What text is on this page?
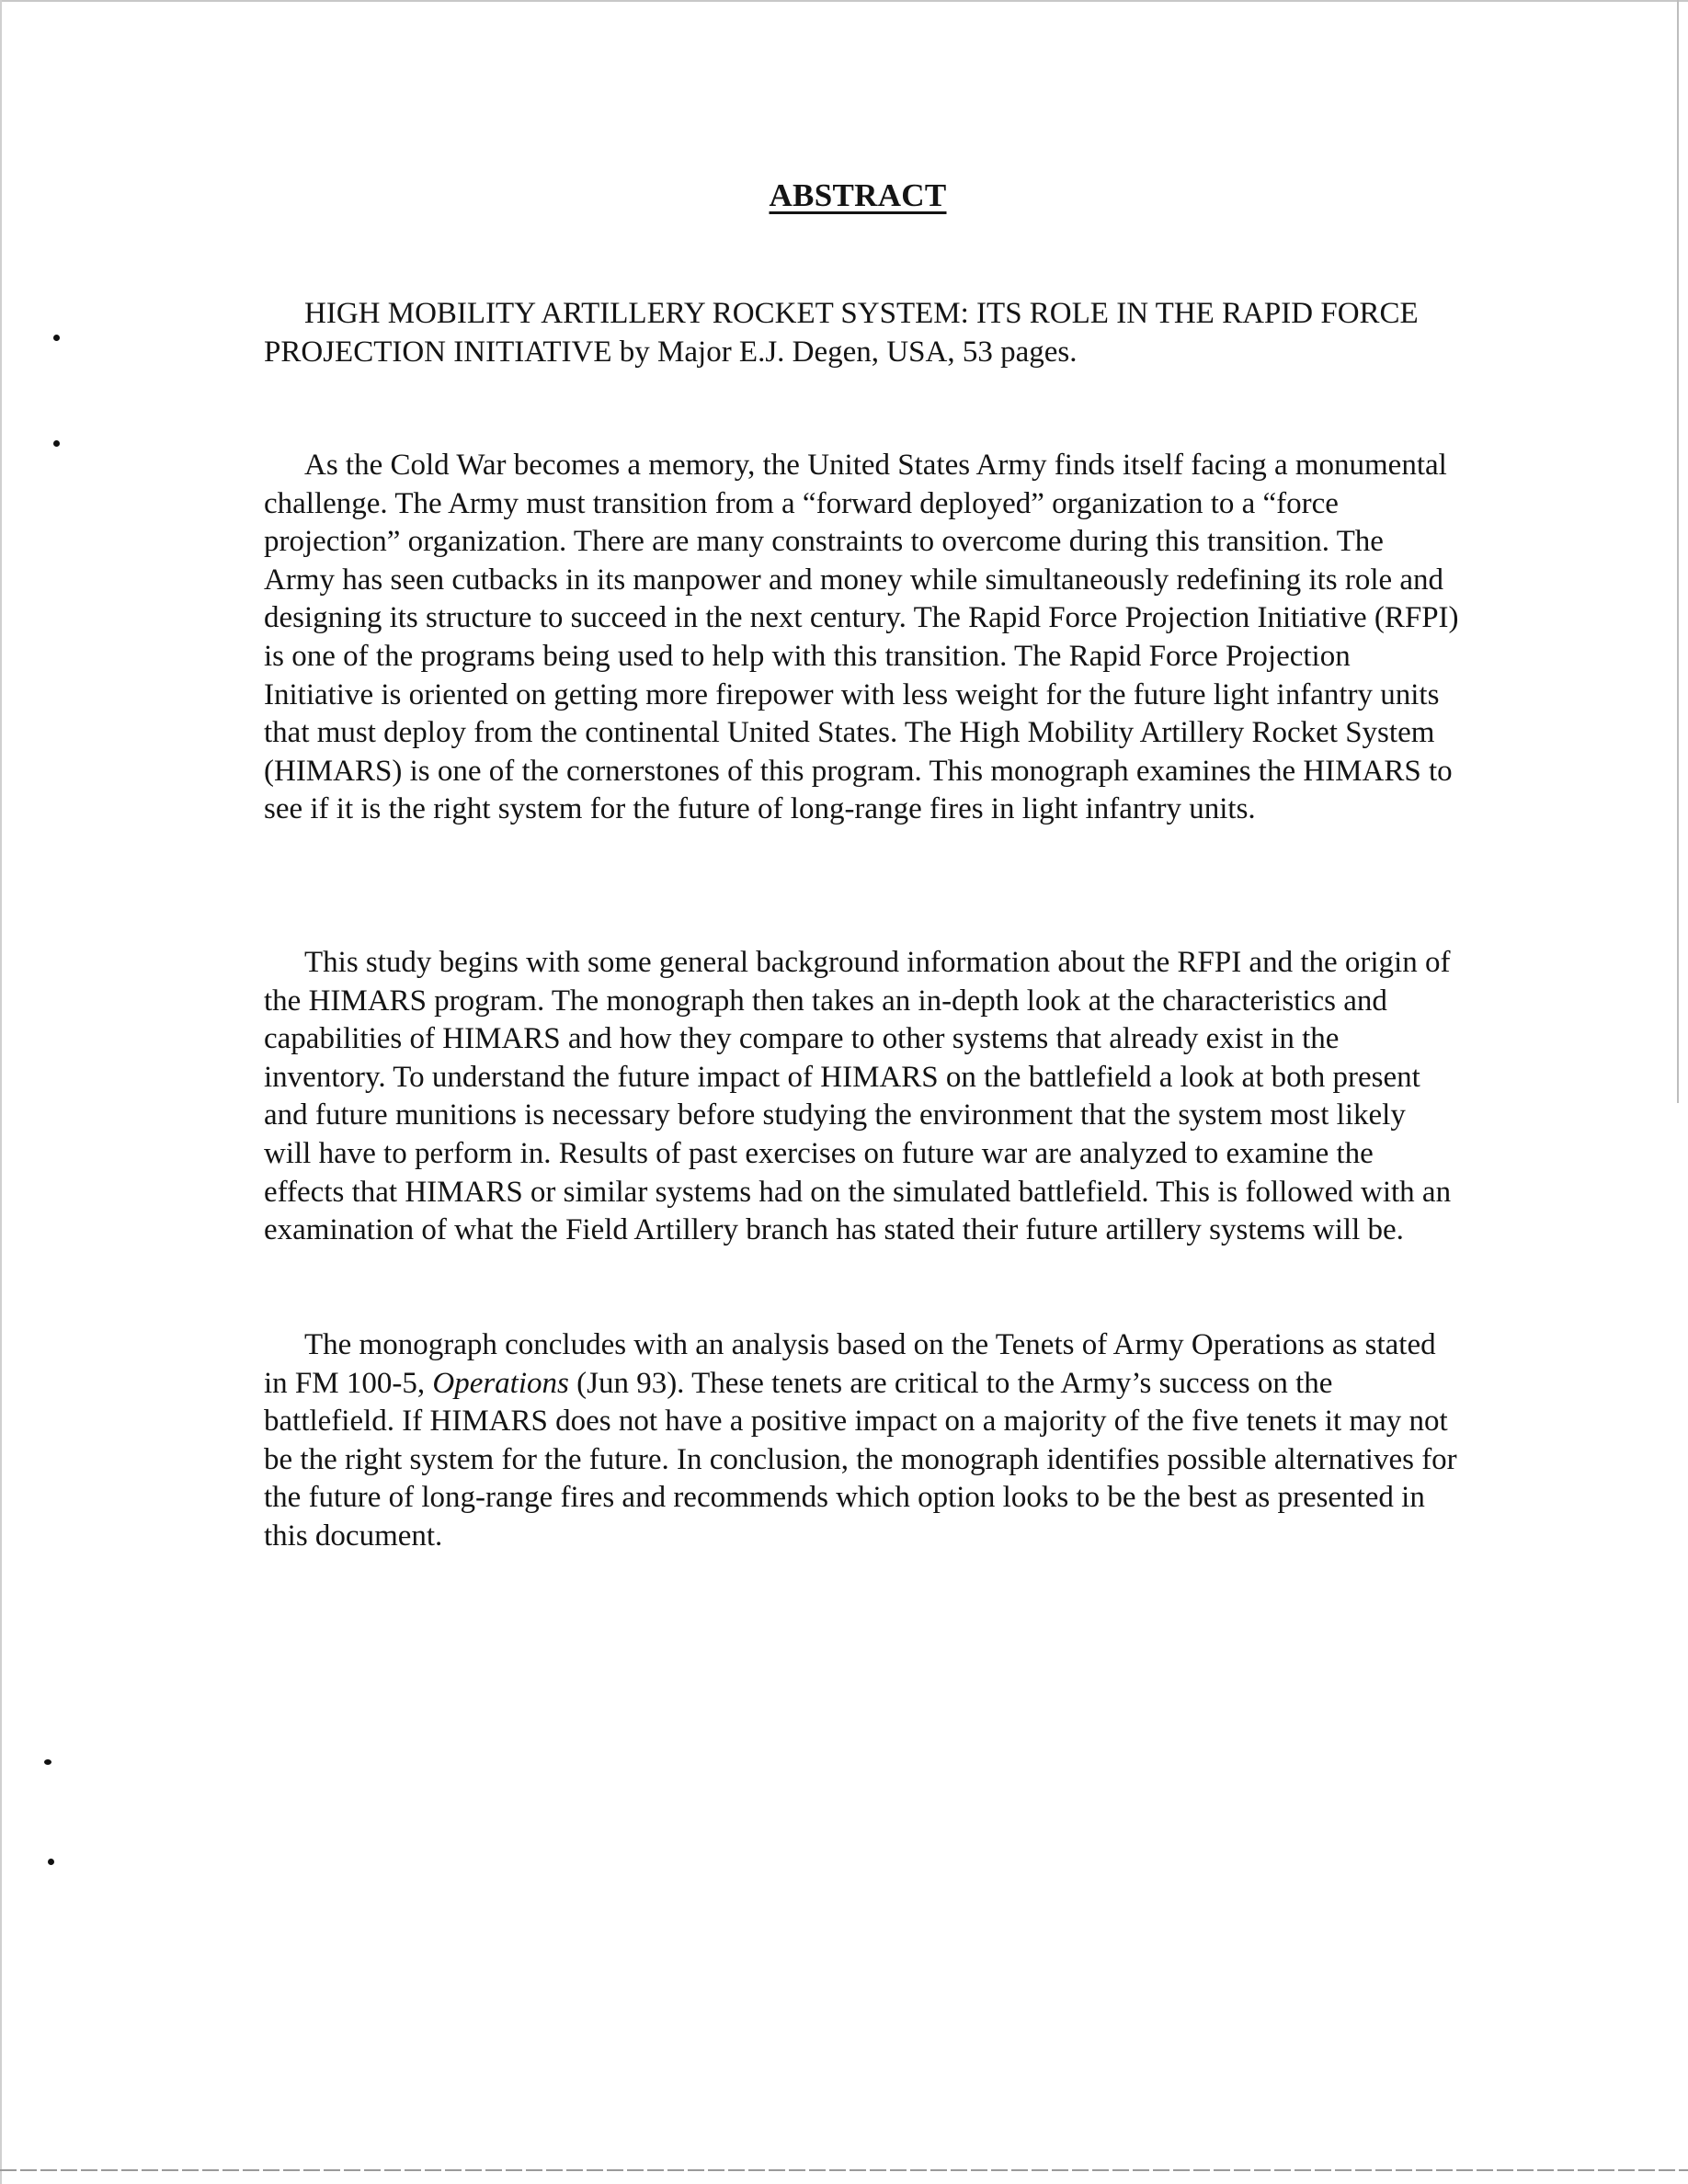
ABSTRACT

HIGH MOBILITY ARTILLERY ROCKET SYSTEM: ITS ROLE IN THE RAPID FORCE PROJECTION INITIATIVE by Major E.J. Degen, USA, 53 pages.

As the Cold War becomes a memory, the United States Army finds itself facing a monumental challenge. The Army must transition from a “forward deployed” organization to a “force projection” organization. There are many constraints to overcome during this transition. The Army has seen cutbacks in its manpower and money while simultaneously redefining its role and designing its structure to succeed in the next century. The Rapid Force Projection Initiative (RFPI) is one of the programs being used to help with this transition. The Rapid Force Projection Initiative is oriented on getting more firepower with less weight for the future light infantry units that must deploy from the continental United States. The High Mobility Artillery Rocket System (HIMARS) is one of the cornerstones of this program. This monograph examines the HIMARS to see if it is the right system for the future of long-range fires in light infantry units.

This study begins with some general background information about the RFPI and the origin of the HIMARS program. The monograph then takes an in-depth look at the characteristics and capabilities of HIMARS and how they compare to other systems that already exist in the inventory. To understand the future impact of HIMARS on the battlefield a look at both present and future munitions is necessary before studying the environment that the system most likely will have to perform in. Results of past exercises on future war are analyzed to examine the effects that HIMARS or similar systems had on the simulated battlefield. This is followed with an examination of what the Field Artillery branch has stated their future artillery systems will be.

The monograph concludes with an analysis based on the Tenets of Army Operations as stated in FM 100-5, Operations (Jun 93). These tenets are critical to the Army’s success on the battlefield. If HIMARS does not have a positive impact on a majority of the five tenets it may not be the right system for the future. In conclusion, the monograph identifies possible alternatives for the future of long-range fires and recommends which option looks to be the best as presented in this document.
